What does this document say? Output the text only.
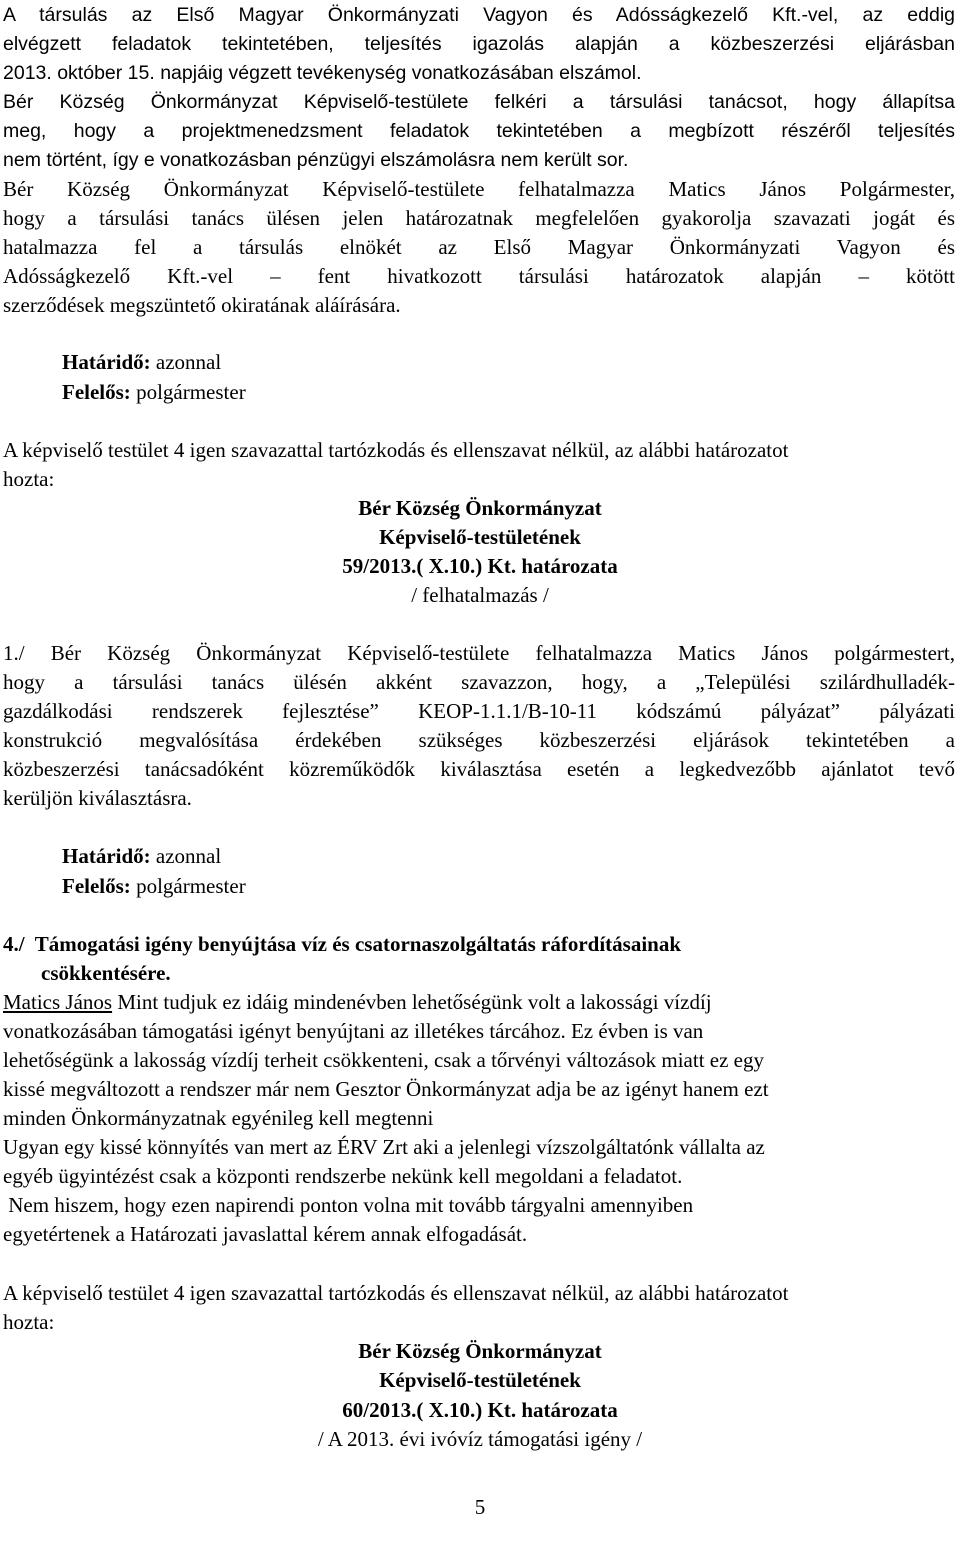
A társulás az Első Magyar Önkormányzati Vagyon és Adósságkezelő Kft.-vel, az eddig
elvégzett feladatok tekintetében, teljesítés igazolás alapján a közbeszerzési eljárásban
2013. október 15. napjáig végzett tevékenység vonatkozásában elszámol.
Bér Község Önkormányzat Képviselő-testülete felkéri a társulási tanácsot, hogy állapítsa
meg, hogy a projektmenedzsment feladatok tekintetében a megbízott részéről teljesítés
nem történt, így e vonatkozásban pénzügyi elszámolásra nem került sor.
Bér Község Önkormányzat Képviselő-testülete felhatalmazza Matics János Polgármester,
hogy a társulási tanács ülésen jelen határozatnak megfelelően gyakorolja szavazati jogát és
hatalmazza fel a társulás elnökét az Első Magyar Önkormányzati Vagyon és
Adósságkezelő Kft.-vel – fent hivatkozott társulási határozatok alapján – kötött
szerződések megszüntető okiratának aláírására.
Határidő: azonnal
Felelős: polgármester
A képviselő testület 4 igen szavazattal tartózkodás és ellenszavat nélkül, az alábbi határozatot
hozta:
Bér Község Önkormányzat
Képviselő-testületének
59/2013.( X.10.) Kt. határozata
/ felhatalmazás /
1./ Bér Község Önkormányzat Képviselő-testülete felhatalmazza Matics János polgármestert,
hogy a társulási tanács ülésén akként szavazzon, hogy, a „Települési szilárdhulladék-
gazdálkodási rendszerek fejlesztése” KEOP-1.1.1/B-10-11 kódszámú pályázat” pályázati
konstrukció megvalósítása érdekében szükséges közbeszerzési eljárások tekintetében a
közbeszerzési tanácsadóként közreműködők kiválasztása esetén a legkedvezőbb ajánlatot tevő
kerüljön kiválasztásra.
Határidő: azonnal
Felelős: polgármester
4./ Támogatási igény benyújtása víz és csatornaszolgáltatás ráfordításainak
csökkentésére.
Matics János Mint tudjuk ez idáig mindenévben lehetőségünk volt a lakossági vízdíj
vonatkozásában támogatási igényt benyújtani az illetékes tárcához. Ez évben is van
lehetőségünk a lakosság vízdíj terheit csökkenteni, csak a tőrvényi változások miatt ez egy
kissé megváltozott a rendszer már nem Gesztor Önkormányzat adja be az igényt hanem ezt
minden Önkormányzatnak egyénileg kell megtenni
Ugyan egy kissé könnyítés van mert az ÉRV Zrt aki a jelenlegi vízszolgáltatónk vállalta az
egyéb ügyintézést csak a központi rendszerbe nekünk kell megoldani a feladatot.
Nem hiszem, hogy ezen napirendi ponton volna mit tovább tárgyalni amennyiben
egyetértenek a Határozati javaslattal kérem annak elfogadását.
A képviselő testület 4 igen szavazattal tartózkodás és ellenszavat nélkül, az alábbi határozatot
hozta:
Bér Község Önkormányzat
Képviselő-testületének
60/2013.( X.10.) Kt. határozata
/ A 2013. évi ivóvíz támogatási igény /
5
